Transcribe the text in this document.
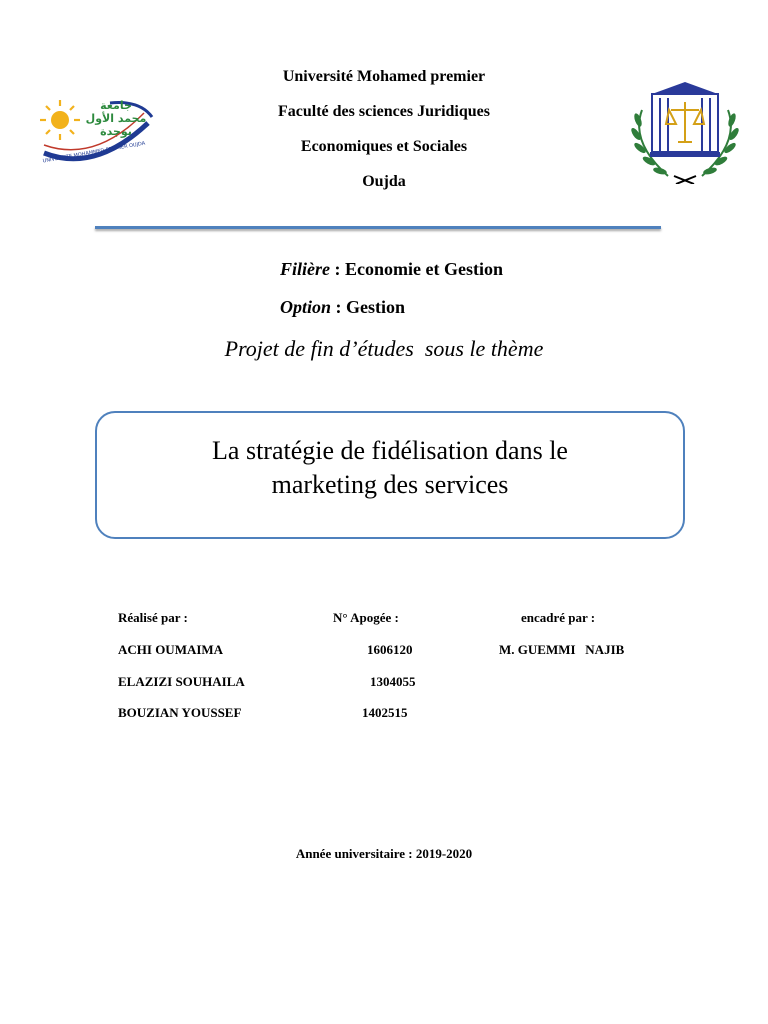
Université Mohamed premier
Faculté des sciences Juridiques
Economiques et Sociales
Oujda
جامعة محمد الأول بوجدة
UNIVERSITE MOHAMMED PREMIER OUJDA
Filière : Economie et Gestion
Option : Gestion
Projet de fin d’études  sous le thème
La stratégie de fidélisation dans le marketing des services
Réalisé par :	N° Apogée :	encadré par :
ACHI OUMAIMA	1606120	M. GUEMMI   NAJIB
ELAZIZI SOUHAILA	1304055
BOUZIAN YOUSSEF	1402515
Année universitaire : 2019-2020
